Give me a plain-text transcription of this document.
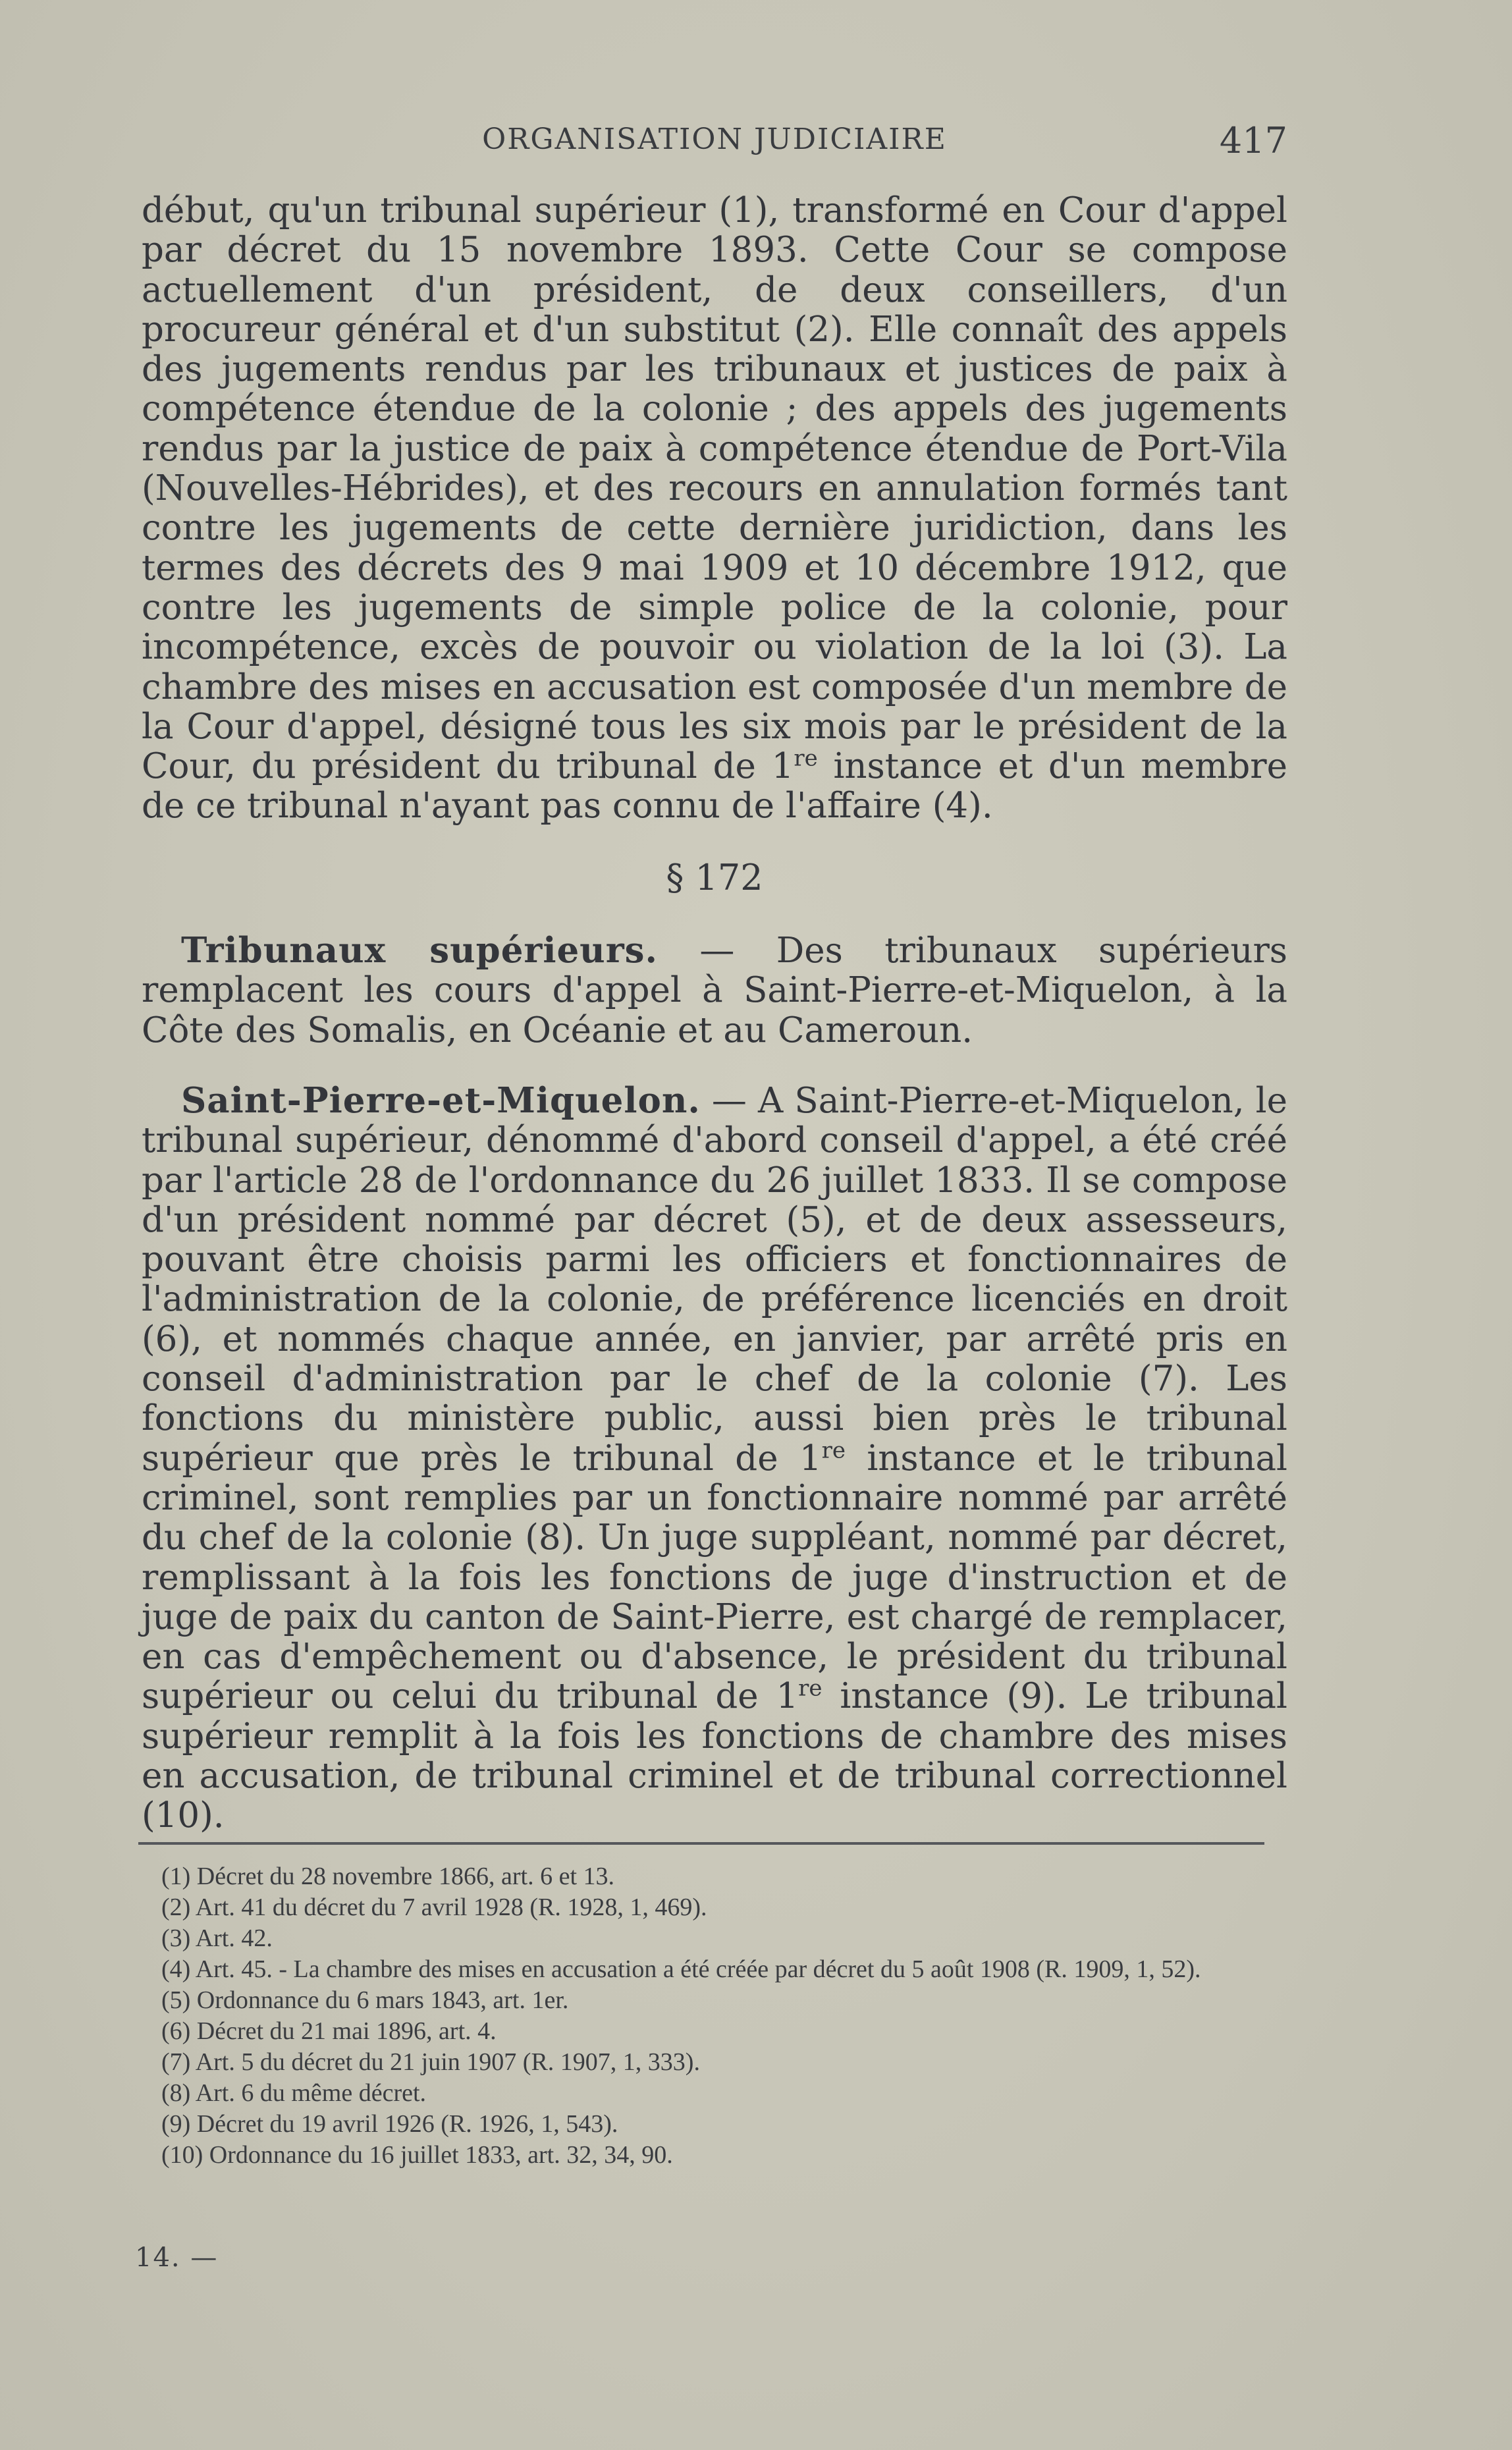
ORGANISATION JUDICIAIRE	417

début, qu'un tribunal supérieur (1), transformé en Cour d'appel par décret du 15 novembre 1893. Cette Cour se compose actuellement d'un président, de deux conseillers, d'un procureur général et d'un substitut (2). Elle connaît des appels des jugements rendus par les tribunaux et justices de paix à compétence étendue de la colonie ; des appels des jugements rendus par la justice de paix à compétence étendue de Port-Vila (Nouvelles-Hébrides), et des recours en annulation formés tant contre les jugements de cette dernière juridiction, dans les termes des décrets des 9 mai 1909 et 10 décembre 1912, que contre les jugements de simple police de la colonie, pour incompétence, excès de pouvoir ou violation de la loi (3). La chambre des mises en accusation est composée d'un membre de la Cour d'appel, désigné tous les six mois par le président de la Cour, du président du tribunal de 1re instance et d'un membre de ce tribunal n'ayant pas connu de l'affaire (4).

§ 172

Tribunaux supérieurs. — Des tribunaux supérieurs remplacent les cours d'appel à Saint-Pierre-et-Miquelon, à la Côte des Somalis, en Océanie et au Cameroun.

Saint-Pierre-et-Miquelon. — A Saint-Pierre-et-Miquelon, le tribunal supérieur, dénommé d'abord conseil d'appel, a été créé par l'article 28 de l'ordonnance du 26 juillet 1833. Il se compose d'un président nommé par décret (5), et de deux assesseurs, pouvant être choisis parmi les officiers et fonctionnaires de l'administration de la colonie, de préférence licenciés en droit (6), et nommés chaque année, en janvier, par arrêté pris en conseil d'administration par le chef de la colonie (7). Les fonctions du ministère public, aussi bien près le tribunal supérieur que près le tribunal de 1re instance et le tribunal criminel, sont remplies par un fonctionnaire nommé par arrêté du chef de la colonie (8). Un juge suppléant, nommé par décret, remplissant à la fois les fonctions de juge d'instruction et de juge de paix du canton de Saint-Pierre, est chargé de remplacer, en cas d'empêchement ou d'absence, le président du tribunal supérieur ou celui du tribunal de 1re instance (9). Le tribunal supérieur remplit à la fois les fonctions de chambre des mises en accusation, de tribunal criminel et de tribunal correctionnel (10).

(1) Décret du 28 novembre 1866, art. 6 et 13.

(2) Art. 41 du décret du 7 avril 1928 (R. 1928, 1, 469).

(3) Art. 42.

(4) Art. 45. - La chambre des mises en accusation a été créée par décret du 5 août 1908 (R. 1909, 1, 52).

(5) Ordonnance du 6 mars 1843, art. 1er.

(6) Décret du 21 mai 1896, art. 4.

(7) Art. 5 du décret du 21 juin 1907 (R. 1907, 1, 333).

(8) Art. 6 du même décret.

(9) Décret du 19 avril 1926 (R. 1926, 1, 543).

(10) Ordonnance du 16 juillet 1833, art. 32, 34, 90.

14. —
